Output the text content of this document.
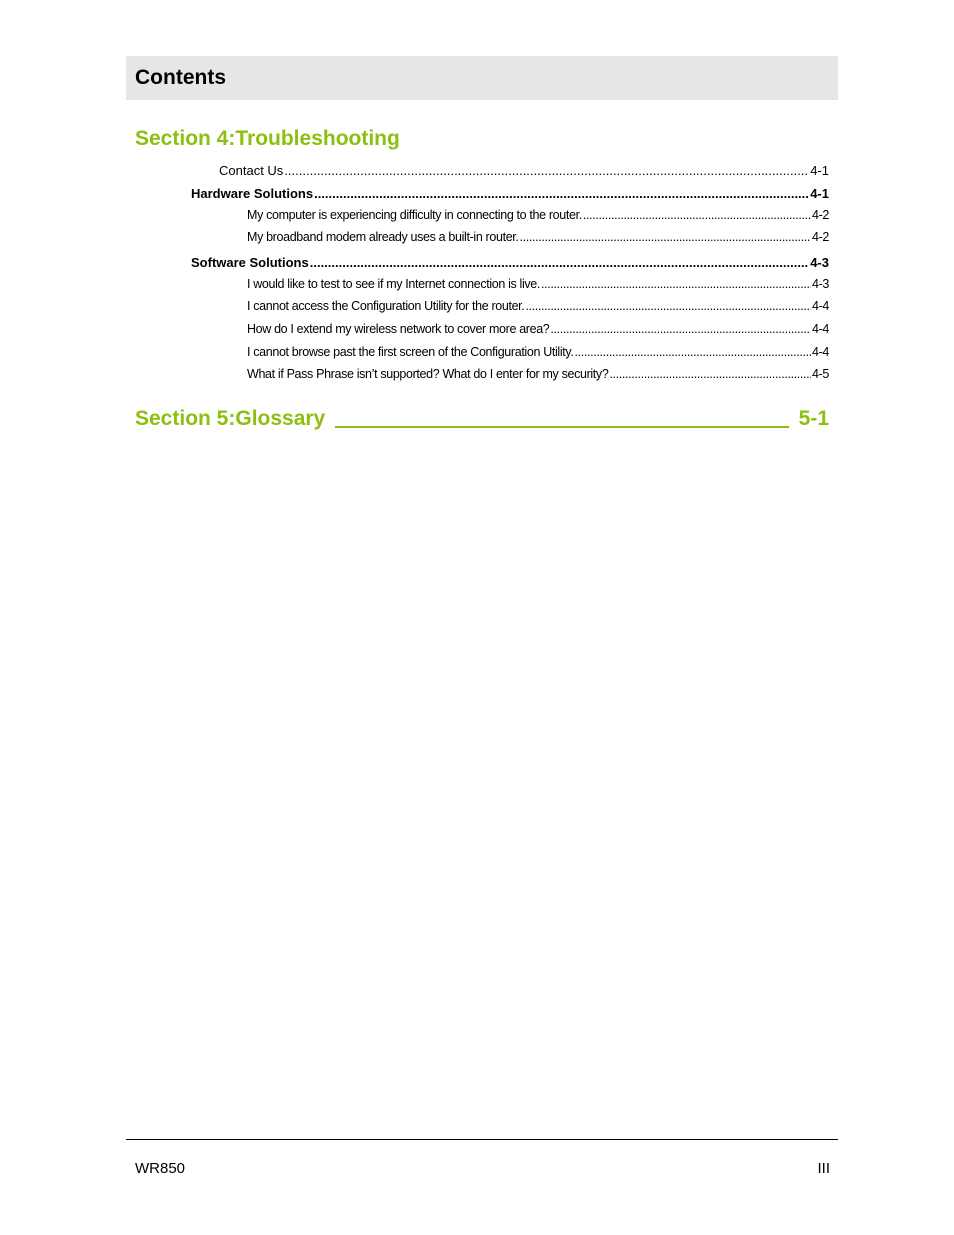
Contents
Section 4:Troubleshooting
Contact Us .....	4-1
Hardware Solutions .....	4-1
My computer is experiencing difficulty in connecting to the router. .....	4-2
My broadband modem already uses a built-in router. .....	4-2
Software Solutions .....	4-3
I would like to test to see if my Internet connection is live. .....	4-3
I cannot access the Configuration Utility for the router. .....	4-4
How do I extend my wireless network to cover more area? .....	4-4
I cannot browse past the first screen of the Configuration Utility. .....	4-4
What if Pass Phrase isn’t supported? What do I enter for my security? .....	4-5
Section 5:Glossary	5-1
WR850	III
